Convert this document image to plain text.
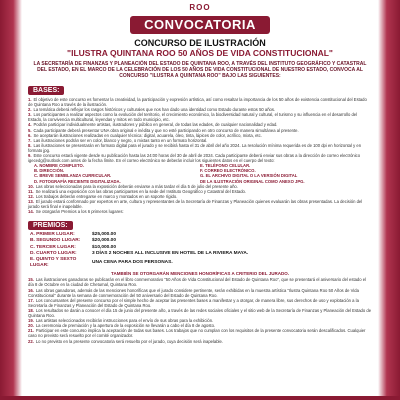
ROO
CONVOCATORIA
CONCURSO DE ILUSTRACIÓN
"ILUSTRA QUINTANA ROO 50 AÑOS DE VIDA CONSTITUCIONAL"
LA SECRETARÍA DE FINANZAS Y PLANEACIÓN DEL ESTADO DE QUINTANA ROO, A TRAVÉS DEL INSTITUTO GEOGRÁFICO Y CATASTRAL DEL ESTADO, EN EL MARCO DE LA CELEBRACIÓN DE LOS 50 AÑOS DE VIDA CONSTITUCIONAL DE NUESTRO ESTADO, CONVOCA AL CONCURSO "ILUSTRA A QUINTANA ROO" BAJO LAS SIGUIENTES:
BASES:
1. El objetivo de este concurso es fomentar la creatividad, la participación y expresión artística, así como resaltar la importancia de los 50 años de existencia constitucional del Estado de Quintana Roo a través de la ilustración.
2. La temática deberá reflejar los rasgos históricos y culturales que nos han dado una identidad como Estado durante estos 50 años.
3. Los participantes a realizar aspectos como la evolución del territorio, el crecimiento económico, la biodiversidad natural y cultural, el turismo y su influencia en el desarrollo del Estado, la convivencia multicultural, leyendas y mitos en todo municipio, etc.
4. Podrán participar individualmente artistas, ilustradores y público en general, de todas las edades, de cualquier nacionalidad y edad.
5. Cada participante deberá presentar UNA obra original e inédita y que no esté participando en otro concurso de manera simultánea al presente.
6. Se aceptarán ilustraciones realizadas en cualquier técnica: digital, acuarela, óleo, tinta, lápices de color, acrílico, mixta, etc.
7. Las ilustraciones podrán ser en color, blanco y negro, o mixtas tanto en un formato horizontal.
8. Las ilustraciones se presentarán en formato digital para el jurado y se recibirá hasta el 31 de abril del año 2024. La resolución mínima requerida es de 100 dpi en horizontal y en formato jpg.
9. Este concurso estará vigente desde su publicación hasta las 24:00 horas del 30 de abril de 2024. Cada participante deberá enviar sus obras a la dirección de correo electrónico igecedg@outlook.com antes de la fecha límite. En el correo electrónico se deberán incluir los siguientes datos en el cuerpo del texto:
A. NOMBRE COMPLETO.
B. DIRECCIÓN.
C. BREVE SEMBLANZA CURRICULAR.
D. FOTOGRAFÍA RECIENTE DIGITALIZADA.
E. TELÉFONO CELULAR.
F. CORREO ELECTRÓNICO.
G. EL ARCHIVO DIGITAL O LA VERSIÓN DIGITAL
DE LA ILUSTRACIÓN ORIGINAL COMO ANEXO JPG.
10. Las obras seleccionadas para la exposición deberán enviarse a más tardar el día 5 de julio del presente año.
11. Se realizará una exposición con las obras participantes en la sede del Instituto Geográfico y Catastral del Estado.
12. Los trabajos deberán entregarse en marco y montados en un soporte rígido.
13. El jurado estará conformado por expertos en arte, cultura y representantes de la Secretaría de Finanzas y Planeación quienes evaluarán las obras presentadas. La decisión del jurado será final e inapelable.
14. Se otorgarán Premios a los 6 primeros lugares:
PREMIOS:
A. PRIMER LUGAR:	$25,000.00
B. SEGUNDO LUGAR:	$20,000.00
C. TERCER LUGAR:	$10,000.00
D. CUARTO LUGAR:	3 DÍAS 2 NOCHES ALL INCLUSIVE EN HOTEL DE LA RIVIERA MAYA.
E. QUINTO Y SEXTO LUGAR:
UNA CENA PARA DOS PERSONAS.
TAMBIÉN SE OTORGARÁN MENCIONES HONORÍFICAS A CRITERIO DEL JURADO.
15. Las ilustraciones ganadoras se publicarán en el libro conmemorativo "50 Años de Vida Constitucional del Estado de Quintana Roo", que se presentará el aniversario del estado el día 8 de Octubre en la ciudad de Chetumal, Quintana Roo.
16. Las obras ganadoras, además de las menciones honoríficas que el jurado considere pertinente, serán exhibidas en la muestra artística "Ilustra Quintana Roo 50 Años de Vida Constitucional" durante la semana de conmemoración del 50 aniversario del Estado de Quintana Roo.
17. Los concursantes del presente concurso por el simple hecho de aceptar las presentes bases a manifestar y a otorgar, de manera libre, sus derechos de uso y explotación a la Secretaría de Finanzas y Planeación del Estado de Quintana Roo.
18. Los resultados se darán a conocer el día 15 de junio del presente año, a través de las redes sociales oficiales y el sitio web de la Secretaría de Finanzas y Planeación del Estado de Quintana Roo.
19. Las artistas seleccionados recibirán instrucciones para el envío de sus obras para la exhibición.
20. La ceremonia de premiación y la apertura de la exposición se llevarán a cabo el día 8 de agosto.
21. Participar en este concurso implica la aceptación de todas sus bases. Los trabajos que no cumplan con los requisitos de la presente convocatoria serán descalificados. Cualquier caso no previsto será resuelto por el comité organizador.
22. Lo no previsto en la presente convocatoria será resuelto por el jurado, cuya decisión será inapelable.
